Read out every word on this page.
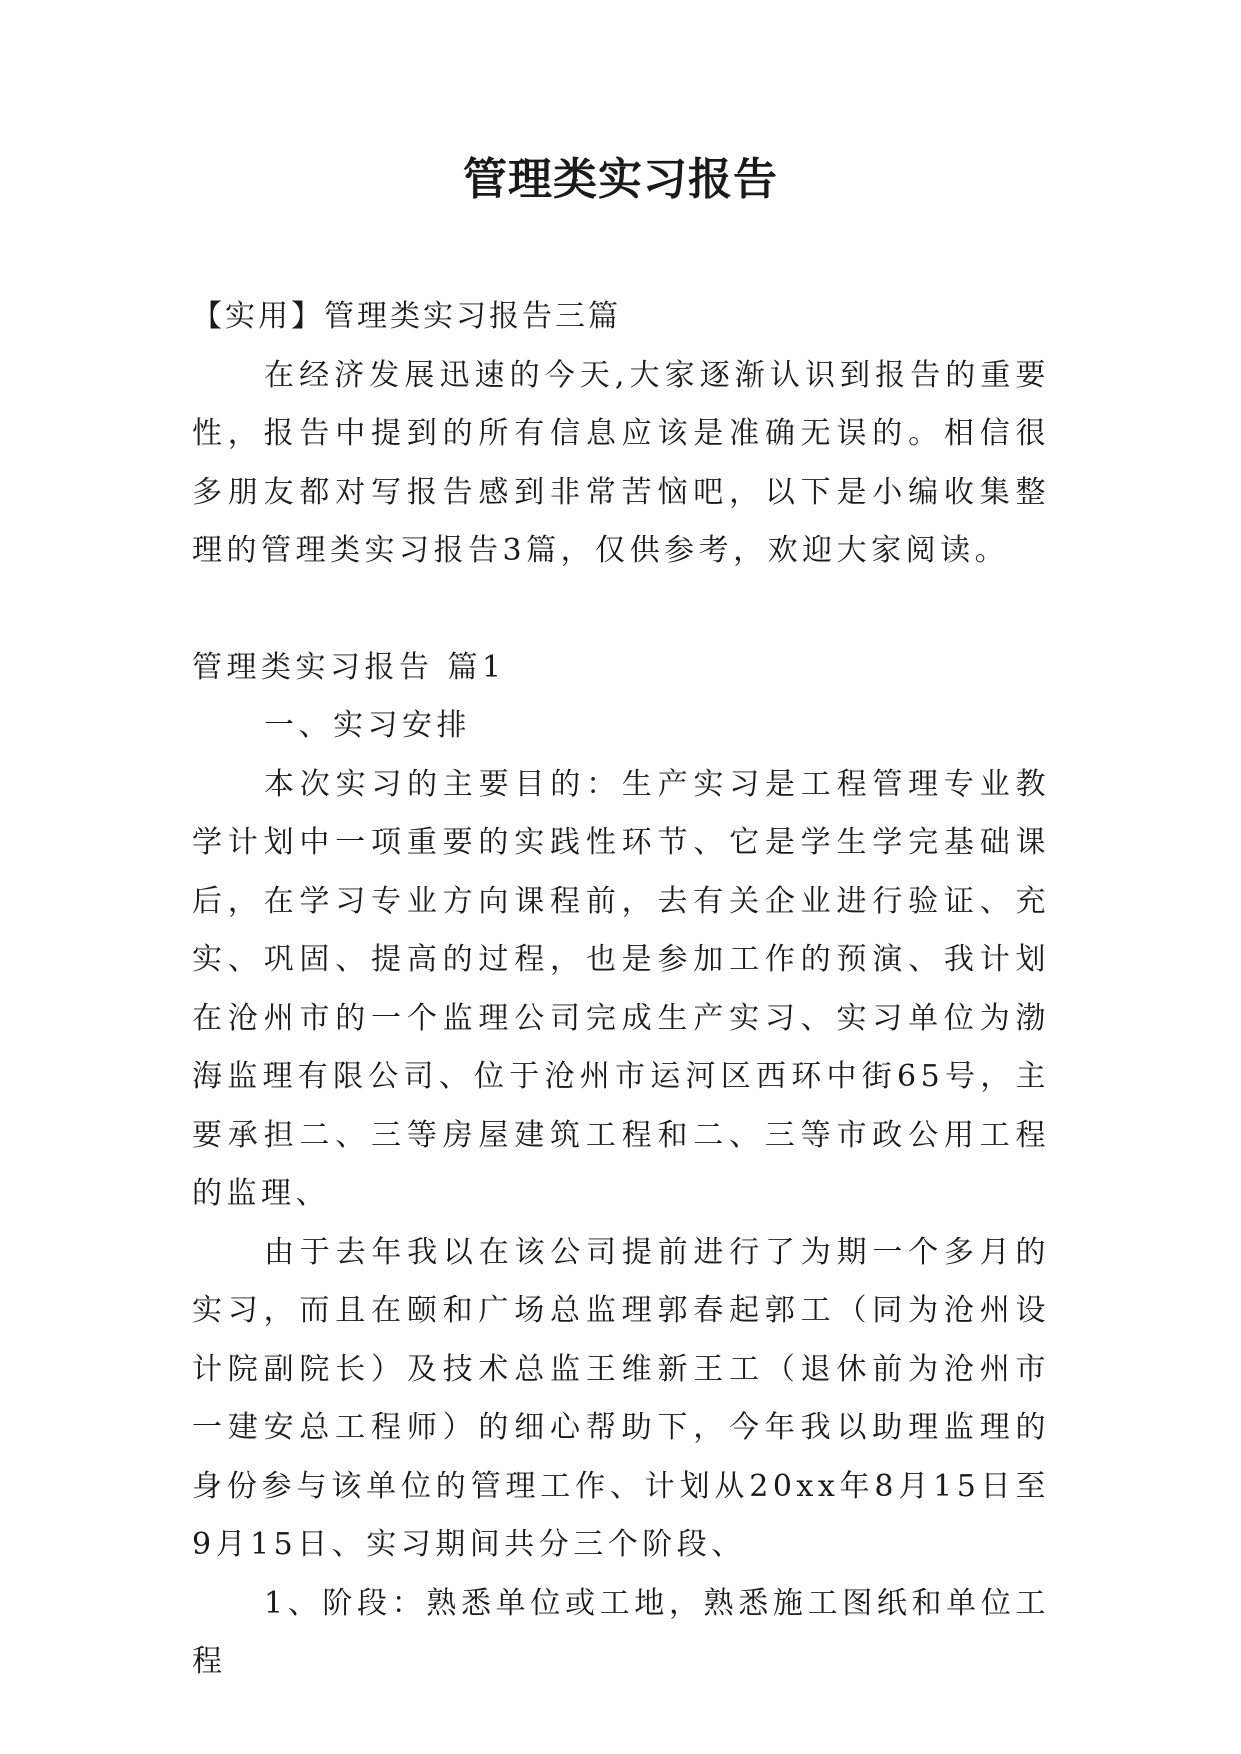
管理类实习报告

【实用】管理类实习报告三篇

在经济发展迅速的今天,大家逐渐认识到报告的重要性，报告中提到的所有信息应该是准确无误的。相信很多朋友都对写报告感到非常苦恼吧，以下是小编收集整理的管理类实习报告3篇，仅供参考，欢迎大家阅读。

管理类实习报告 篇1

一、实习安排

本次实习的主要目的：生产实习是工程管理专业教学计划中一项重要的实践性环节、它是学生学完基础课后，在学习专业方向课程前，去有关企业进行验证、充实、巩固、提高的过程，也是参加工作的预演、我计划在沧州市的一个监理公司完成生产实习、实习单位为渤海监理有限公司、位于沧州市运河区西环中街65号，主要承担二、三等房屋建筑工程和二、三等市政公用工程的监理、

由于去年我以在该公司提前进行了为期一个多月的实习，而且在颐和广场总监理郭春起郭工（同为沧州设计院副院长）及技术总监王维新王工（退休前为沧州市一建安总工程师）的细心帮助下，今年我以助理监理的身份参与该单位的管理工作、计划从20xx年8月15日至9月15日、实习期间共分三个阶段、

1、阶段：熟悉单位或工地，熟悉施工图纸和单位工程
